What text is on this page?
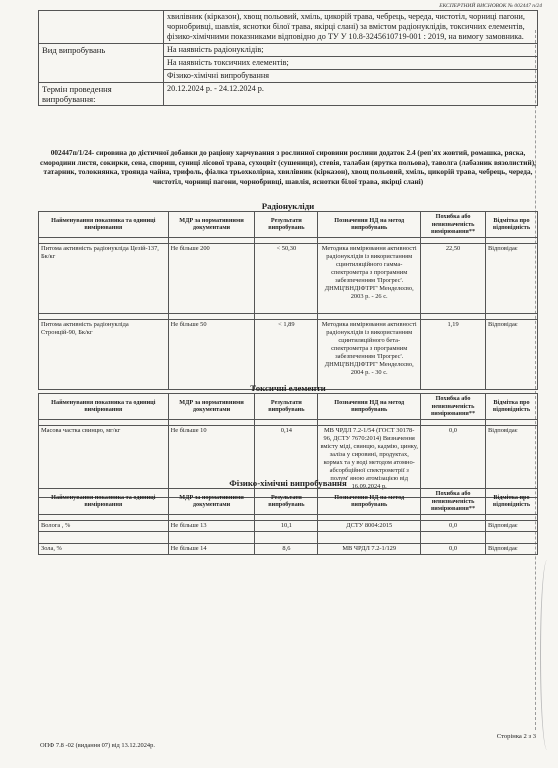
ЕКСПЕРТНИЙ ВИСНОВОК № 002447 п/24
	хвилівник (кірказон), хвощ польовий, хміль, цикорій трава, чебрець, череда, чистотіл, чорниці пагони, чорнобривці, шавлія, яснотки білої трава, якірці слані) за вмістом радіонуклідів, токсичних елементів, фізико-хімічними показниками відповідно до ТУ У 10.8-3245610719-001 : 2019, на вимогу замовника.
Вид випробувань	На наявність радіонуклідів;
На наявність токсичних елементів;
Фізико-хімічні випробування

Термін проведення випробування:	20.12.2024 р. - 24.12.2024 р.
002447п/1/24- сировина до дієтичної добавки до раціону харчування з рослинної сировини рослини додаток 2.4 (реп'ях жовтий, ромашка, ряска, смородини листя, сокирки, сена, спориш, суниці лісової трава, сухоцвіт (сушениця), стевія, талабан (ярутка польова), таволга (лабазник вязолистий), татарник, толокнянка, троянда чайна, трифоль, фіалка трьохколірна, хвилівник (кірказон), хвощ польовий, хміль, цикорій трава, чебрець, череда, чистотіл, чорниці пагони, чорнобривці, шавлія, яснотки білої трава, якірці слані)
Радіонукліди
Найменування показника та одиниці вимірювання	МДР за нормативними документами	Результати випробувань	Позначення НД на метод випробувань	Похибка або невизначеність вимірювання**	Відмітка про відповідність

Питома активність радіонукліда Цезій-137, Бк/кг	Не більше 200	< 50,30	Методика вимірювання активності радіонуклідів із використанням сцинтиляційного гамма-спектрометра з програмним забезпеченням 'Прогрес'. ДНМЦ'ВНДІФТРГ' Менделєєво, 2003 р. - 26 с.	22,50	Відповідає

Питома активність радіонукліда Стронцій-90, Бк/кг	Не більше 50	< 1,89	Методика вимірювання активності радіонуклідів із використанням сцинтиляційного бета-спектрометра з програмним забезпеченням 'Прогрес'. ДНМЦ'ВНДІФТРГ' Менделєєво, 2004 р. - 30 с.	1,19	Відповідає
Токсичні елементи
Найменування показника та одиниці вимірювання	МДР за нормативними документами	Результати випробувань	Позначення НД на метод випробувань	Похибка або невизначеність вимірювання**	Відмітка про відповідність

Масова частка свинцю, мг/кг	Не більше 10	0,14	МВ ЧРДЛ 7.2-1/54 (ГОСТ 30178-96, ДСТУ 7670:2014) Визначення вмісту міді, свинцю, кадмію, цинку, заліза у сировині, продуктах, кормах та у воді методом атомно-абсорбційної спектрометрії з полум' яною атомізацією від 16.09.2024 р.	0,0	Відповідає
Фізико-хімічні випробування
Найменування показника та одиниці вимірювання	МДР за нормативними документами	Результати випробувань	Позначення НД на метод випробувань	Похибка або невизначеність вимірювання**	Відмітка про відповідність

Волога , %	Не більше 13	10,1	ДСТУ 8004:2015	0,0	Відповідає

Зола, %	Не більше 14	8,6	МВ ЧРДЛ 7.2-1/129	0,0	Відповідає
ОПФ 7.8 -02 (видання 07) від 13.12.2024р.
Сторінка 2 з 3
